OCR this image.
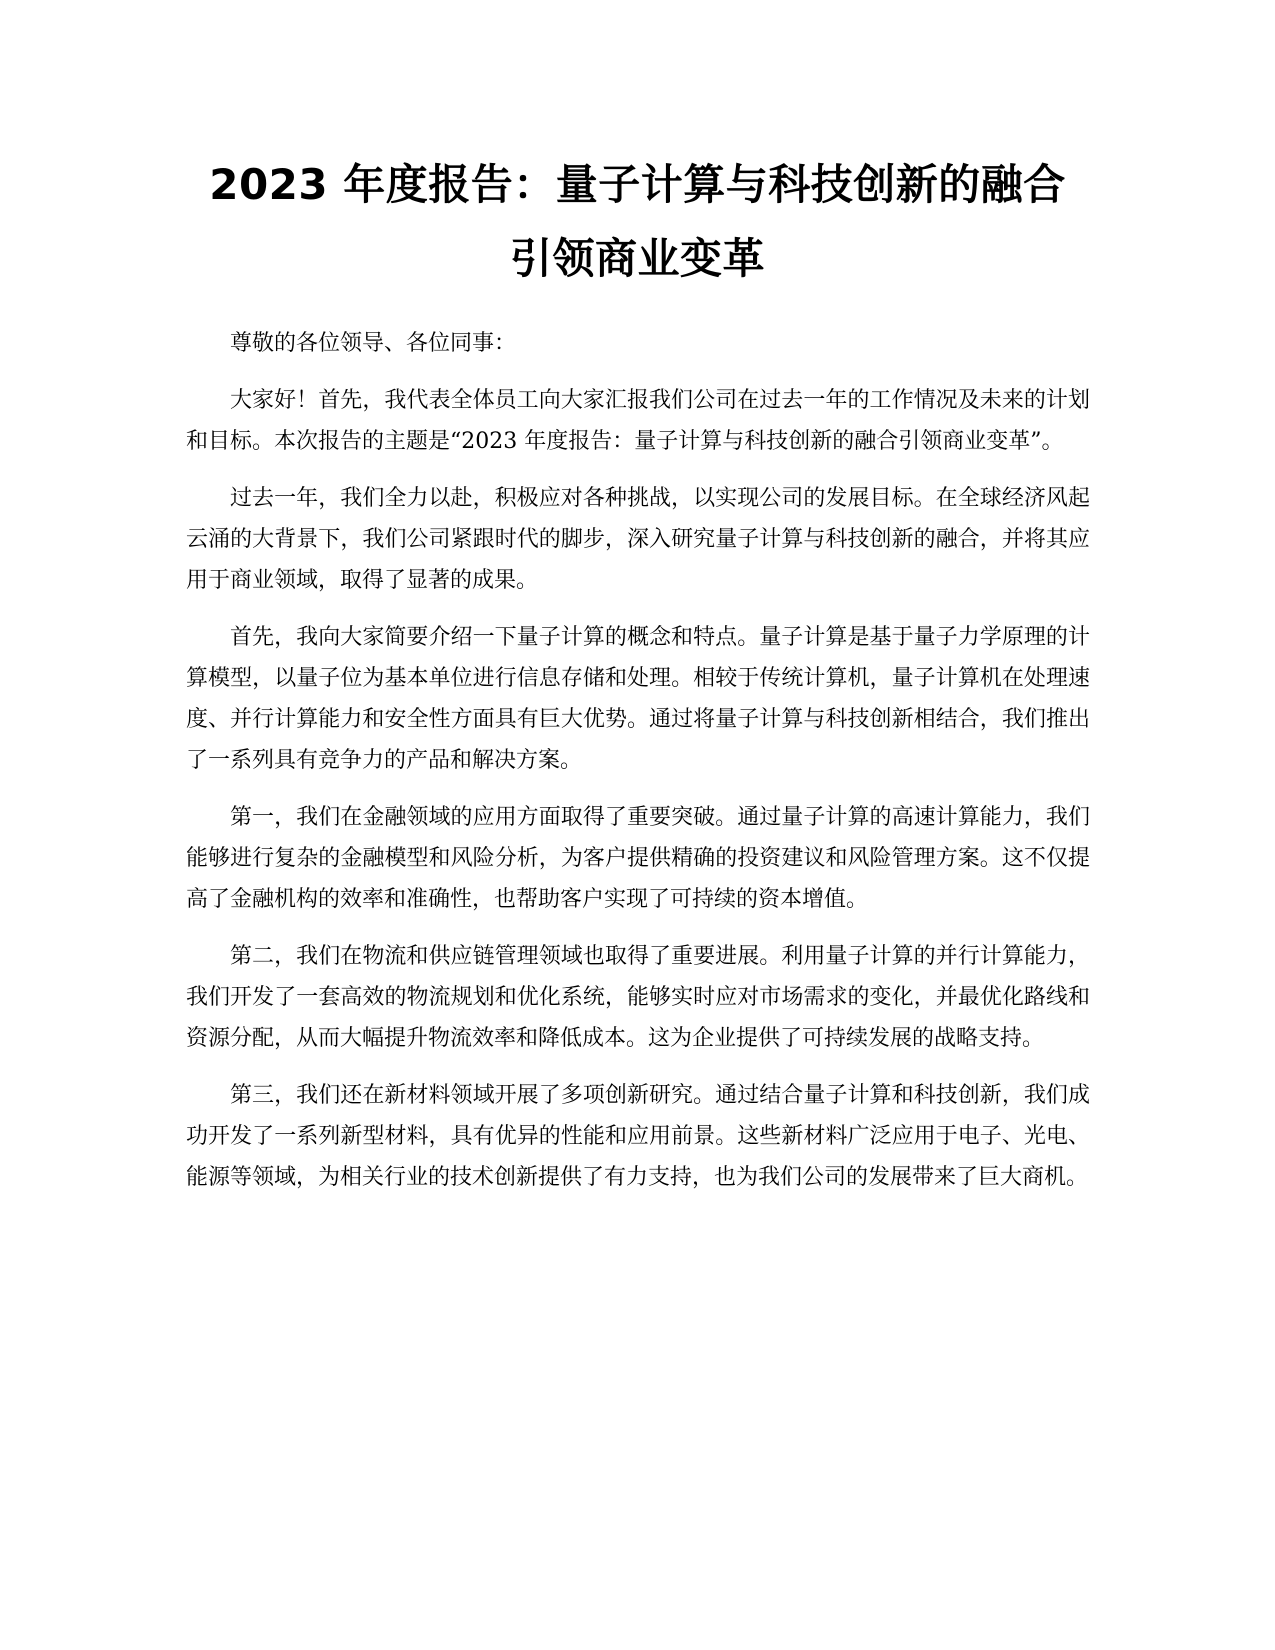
2023 年度报告：量子计算与科技创新的融合
引领商业变革

尊敬的各位领导、各位同事：

大家好！首先，我代表全体员工向大家汇报我们公司在过去一年的工作情况及未来的计划和目标。本次报告的主题是“2023 年度报告：量子计算与科技创新的融合引领商业变革”。

过去一年，我们全力以赴，积极应对各种挑战，以实现公司的发展目标。在全球经济风起云涌的大背景下，我们公司紧跟时代的脚步，深入研究量子计算与科技创新的融合，并将其应用于商业领域，取得了显著的成果。

首先，我向大家简要介绍一下量子计算的概念和特点。量子计算是基于量子力学原理的计算模型，以量子位为基本单位进行信息存储和处理。相较于传统计算机，量子计算机在处理速度、并行计算能力和安全性方面具有巨大优势。通过将量子计算与科技创新相结合，我们推出了一系列具有竞争力的产品和解决方案。

第一，我们在金融领域的应用方面取得了重要突破。通过量子计算的高速计算能力，我们能够进行复杂的金融模型和风险分析，为客户提供精确的投资建议和风险管理方案。这不仅提高了金融机构的效率和准确性，也帮助客户实现了可持续的资本增值。

第二，我们在物流和供应链管理领域也取得了重要进展。利用量子计算的并行计算能力，我们开发了一套高效的物流规划和优化系统，能够实时应对市场需求的变化，并最优化路线和资源分配，从而大幅提升物流效率和降低成本。这为企业提供了可持续发展的战略支持。

第三，我们还在新材料领域开展了多项创新研究。通过结合量子计算和科技创新，我们成功开发了一系列新型材料，具有优异的性能和应用前景。这些新材料广泛应用于电子、光电、能源等领域，为相关行业的技术创新提供了有力支持，也为我们公司的发展带来了巨大商机。
